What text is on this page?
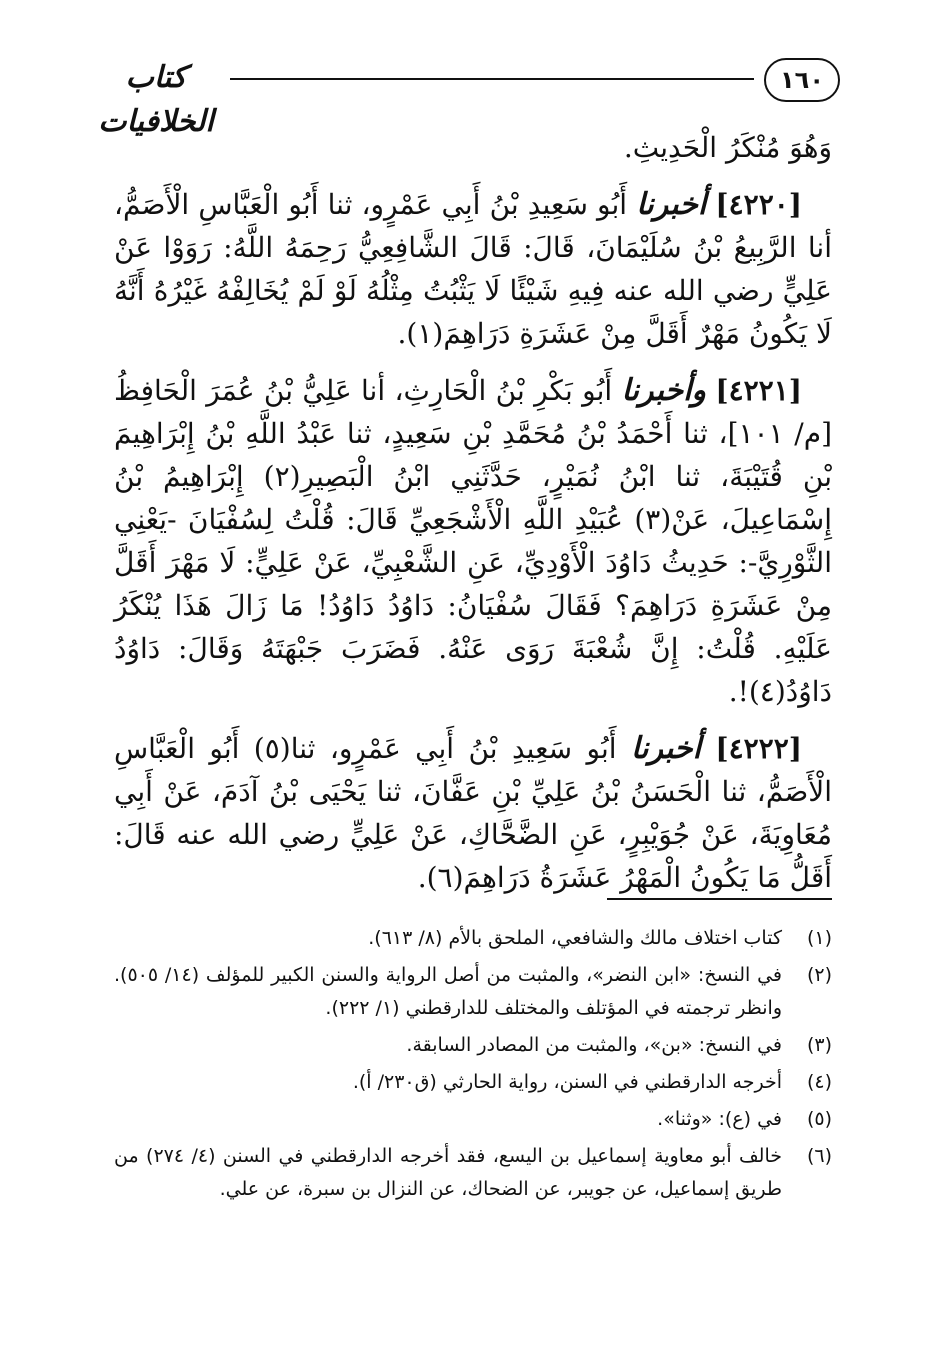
١٦٠
كتاب الخلافيات

وَهُوَ مُنْكَرُ الْحَدِيثِ.

[٤٢٢٠] أخبرنا أَبُو سَعِيدِ بْنُ أَبِي عَمْرٍو، ثنا أَبُو الْعَبَّاسِ الْأَصَمُّ، أنا الرَّبِيعُ بْنُ سُلَيْمَانَ، قَالَ: قَالَ الشَّافِعِيُّ رَحِمَهُ اللَّهُ: رَوَوْا عَنْ عَلِيٍّ رضي الله عنه فِيهِ شَيْئًا لَا يَثْبُتُ مِثْلُهُ لَوْ لَمْ يُخَالِفْهُ غَيْرُهُ أَنَّهُ لَا يَكُونُ مَهْرٌ أَقَلَّ مِنْ عَشَرَةِ دَرَاهِمَ(١).

[٤٢٢١] وأخبرنا أَبُو بَكْرِ بْنُ الْحَارِثِ، أنا عَلِيُّ بْنُ عُمَرَ الْحَافِظُ [م/ ١٠١]، ثنا أَحْمَدُ بْنُ مُحَمَّدِ بْنِ سَعِيدٍ، ثنا عَبْدُ اللَّهِ بْنُ إِبْرَاهِيمَ بْنِ قُتَيْبَةَ، ثنا ابْنُ نُمَيْرٍ، حَدَّثَنِي ابْنُ الْبَصِيرِ(٢) إِبْرَاهِيمُ بْنُ إِسْمَاعِيلَ، عَنْ(٣) عُبَيْدِ اللَّهِ الْأَشْجَعِيِّ قَالَ: قُلْتُ لِسُفْيَانَ -يَعْنِي الثَّوْرِيَّ-: حَدِيثُ دَاوُدَ الْأَوْدِيِّ، عَنِ الشَّعْبِيِّ، عَنْ عَلِيٍّ: لَا مَهْرَ أَقَلَّ مِنْ عَشَرَةِ دَرَاهِمَ؟ فَقَالَ سُفْيَانُ: دَاوُدُ دَاوُدُ! مَا زَالَ هَذَا يُنْكَرُ عَلَيْهِ. قُلْتُ: إِنَّ شُعْبَةَ رَوَى عَنْهُ. فَضَرَبَ جَبْهَتَهُ وَقَالَ: دَاوُدُ دَاوُدُ(٤)!.

[٤٢٢٢] أخبرنا أَبُو سَعِيدِ بْنُ أَبِي عَمْرٍو، ثنا(٥) أَبُو الْعَبَّاسِ الْأَصَمُّ، ثنا الْحَسَنُ بْنُ عَلِيِّ بْنِ عَفَّانَ، ثنا يَحْيَى بْنُ آدَمَ، عَنْ أَبِي مُعَاوِيَةَ، عَنْ جُوَيْبِرٍ، عَنِ الضَّحَّاكِ، عَنْ عَلِيٍّ رضي الله عنه قَالَ: أَقَلُّ مَا يَكُونُ الْمَهْرُ عَشَرَةُ دَرَاهِمَ(٦).

(١)
كتاب اختلاف مالك والشافعي، الملحق بالأم (٨/ ٦١٣).
(٢)
في النسخ: «ابن النضر»، والمثبت من أصل الرواية والسنن الكبير للمؤلف (١٤/ ٥٠٥). وانظر ترجمته في المؤتلف والمختلف للدارقطني (١/ ٢٢٢).
(٣)
في النسخ: «بن»، والمثبت من المصادر السابقة.
(٤)
أخرجه الدارقطني في السنن، رواية الحارثي (ق٢٣٠/ أ).
(٥)
في (ع): «وثنا».
(٦)
خالف أبو معاوية إسماعيل بن اليسع، فقد أخرجه الدارقطني في السنن (٤/ ٢٧٤) من طريق إسماعيل، عن جويبر، عن الضحاك، عن النزال بن سبرة، عن علي.
